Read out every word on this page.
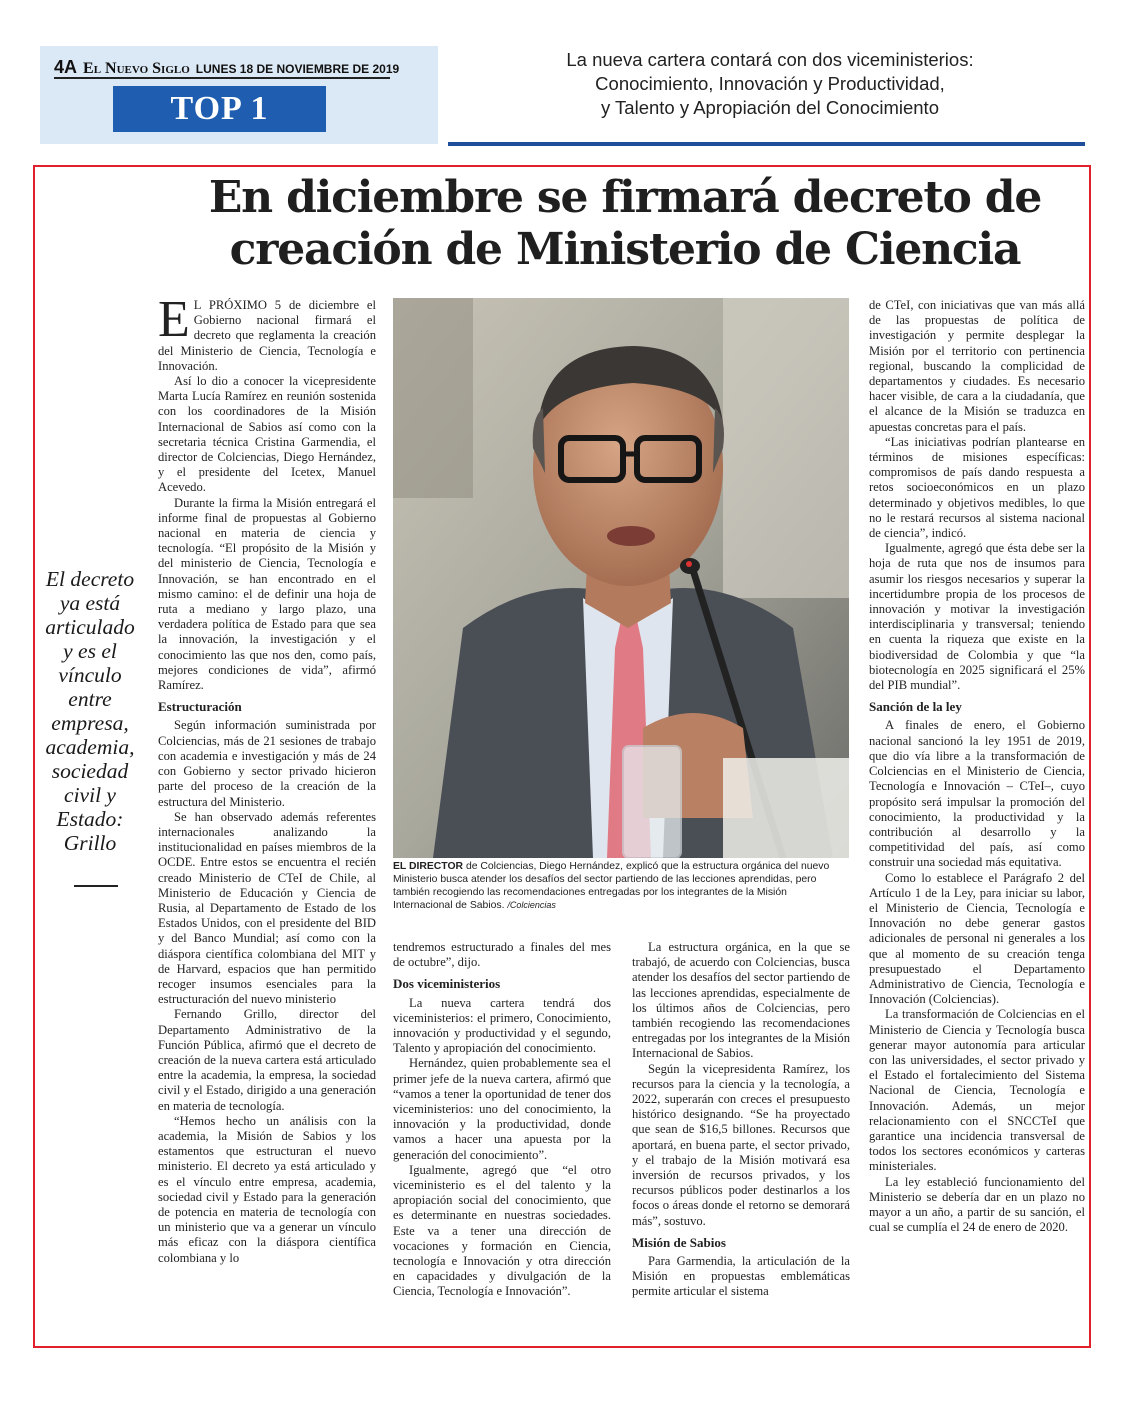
4A El Nuevo Siglo LUNES 18 DE NOVIEMBRE DE 2019
TOP 1
La nueva cartera contará con dos viceministerios:
Conocimiento, Innovación y Productividad,
y Talento y Apropiación del Conocimiento
En diciembre se firmará decreto de
creación de Ministerio de Ciencia
El decreto ya está articulado y es el vínculo entre empresa, academia, sociedad civil y Estado: Grillo

E L PRÓXIMO 5 de diciembre el Gobierno nacional firmará el decreto que reglamenta la creación del Ministerio de Ciencia, Tecnología e Innovación.

Así lo dio a conocer la vicepresidente Marta Lucía Ramírez en reunión sostenida con los coordinadores de la Misión Internacional de Sabios así como con la secretaria técnica Cristina Garmendia, el director de Colciencias, Diego Hernández, y el presidente del Icetex, Manuel Acevedo.

Durante la firma la Misión entregará el informe final de propuestas al Gobierno nacional en materia de ciencia y tecnología. “El propósito de la Misión y del ministerio de Ciencia, Tecnología e Innovación, se han encontrado en el mismo camino: el de definir una hoja de ruta a mediano y largo plazo, una verdadera política de Estado para que sea la innovación, la investigación y el conocimiento las que nos den, como país, mejores condiciones de vida”, afirmó Ramírez.

Estructuración

Según información suministrada por Colciencias, más de 21 sesiones de trabajo con academia e investigación y más de 24 con Gobierno y sector privado hicieron parte del proceso de la creación de la estructura del Ministerio.

Se han observado además referentes internacionales analizando la institucionalidad en países miembros de la OCDE. Entre estos se encuentra el recién creado Ministerio de CTeI de Chile, al Ministerio de Educación y Ciencia de Rusia, al Departamento de Estado de los Estados Unidos, con el presidente del BID y del Banco Mundial; así como con la diáspora científica colombiana del MIT y de Harvard, espacios que han permitido recoger insumos esenciales para la estructuración del nuevo ministerio

Fernando Grillo, director del Departamento Administrativo de la Función Pública, afirmó que el decreto de creación de la nueva cartera está articulado entre la academia, la empresa, la sociedad civil y el Estado, dirigido a una generación en materia de tecnología.

“Hemos hecho un análisis con la academia, la Misión de Sabios y los estamentos que estructuran el nuevo ministerio. El decreto ya está articulado y es el vínculo entre empresa, academia, sociedad civil y Estado para la generación de potencia en materia de tecnología con un ministerio que va a generar un vínculo más eficaz con la diáspora científica colombiana y lo

EL DIRECTOR de Colciencias, Diego Hernández, explicó que la estructura orgánica del nuevo Ministerio busca atender los desafíos del sector partiendo de las lecciones aprendidas, pero también recogiendo las recomendaciones entregadas por los integrantes de la Misión Internacional de Sabios. /Colciencias

tendremos estructurado a finales del mes de octubre”, dijo.

Dos viceministerios

La nueva cartera tendrá dos viceministerios: el primero, Conocimiento, innovación y productividad y el segundo, Talento y apropiación del conocimiento.

Hernández, quien probablemente sea el primer jefe de la nueva cartera, afirmó que “vamos a tener la oportunidad de tener dos viceministerios: uno del conocimiento, la innovación y la productividad, donde vamos a hacer una apuesta por la generación del conocimiento”.

Igualmente, agregó que “el otro viceministerio es el del talento y la apropiación social del conocimiento, que es determinante en nuestras sociedades. Este va a tener una dirección de vocaciones y formación en Ciencia, tecnología e Innovación y otra dirección en capacidades y divulgación de la Ciencia, Tecnología e Innovación”.

La estructura orgánica, en la que se trabajó, de acuerdo con Colciencias, busca atender los desafíos del sector partiendo de las lecciones aprendidas, especialmente de los últimos años de Colciencias, pero también recogiendo las recomendaciones entregadas por los integrantes de la Misión Internacional de Sabios.

Según la vicepresidenta Ramírez, los recursos para la ciencia y la tecnología, a 2022, superarán con creces el presupuesto histórico designando. “Se ha proyectado que sean de $16,5 billones. Recursos que aportará, en buena parte, el sector privado, y el trabajo de la Misión motivará esa inversión de recursos privados, y los recursos públicos poder destinarlos a los focos o áreas donde el retorno se demorará más”, sostuvo.

Misión de Sabios

Para Garmendia, la articulación de la Misión en propuestas emblemáticas permite articular el sistema

de CTeI, con iniciativas que van más allá de las propuestas de política de investigación y permite desplegar la Misión por el territorio con pertinencia regional, buscando la complicidad de departamentos y ciudades. Es necesario hacer visible, de cara a la ciudadanía, que el alcance de la Misión se traduzca en apuestas concretas para el país.

“Las iniciativas podrían plantearse en términos de misiones específicas: compromisos de país dando respuesta a retos socioeconómicos en un plazo determinado y objetivos medibles, lo que no le restará recursos al sistema nacional de ciencia”, indicó.

Igualmente, agregó que ésta debe ser la hoja de ruta que nos de insumos para asumir los riesgos necesarios y superar la incertidumbre propia de los procesos de innovación y motivar la investigación interdisciplinaria y transversal; teniendo en cuenta la riqueza que existe en la biodiversidad de Colombia y que “la biotecnología en 2025 significará el 25% del PIB mundial”.

Sanción de la ley

A finales de enero, el Gobierno nacional sancionó la ley 1951 de 2019, que dio vía libre a la transformación de Colciencias en el Ministerio de Ciencia, Tecnología e Innovación – CTeI–, cuyo propósito será impulsar la promoción del conocimiento, la productividad y la contribución al desarrollo y la competitividad del país, así como construir una sociedad más equitativa.

Como lo establece el Parágrafo 2 del Artículo 1 de la Ley, para iniciar su labor, el Ministerio de Ciencia, Tecnología e Innovación no debe generar gastos adicionales de personal ni generales a los que al momento de su creación tenga presupuestado el Departamento Administrativo de Ciencia, Tecnología e Innovación (Colciencias).

La transformación de Colciencias en el Ministerio de Ciencia y Tecnología busca generar mayor autonomía para articular con las universidades, el sector privado y el Estado el fortalecimiento del Sistema Nacional de Ciencia, Tecnología e Innovación. Además, un mejor relacionamiento con el SNCCTeI que garantice una incidencia transversal de todos los sectores económicos y carteras ministeriales.

La ley estableció funcionamiento del Ministerio se debería dar en un plazo no mayor a un año, a partir de su sanción, el cual se cumplía el 24 de enero de 2020.
